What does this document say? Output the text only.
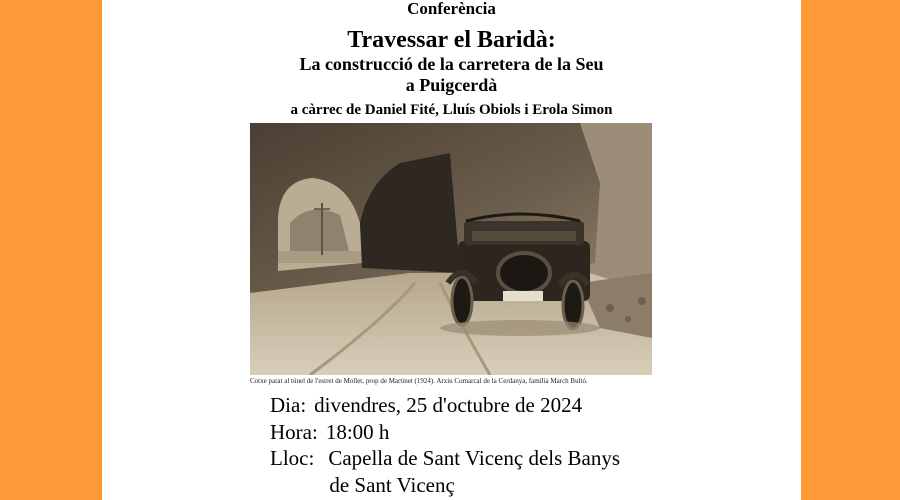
Conferència
Travessar el Baridà:
La construcció de la carretera de la Seu
a Puigcerdà
a càrrec de Daniel Fité, Lluís Obiols i Erola Simon
Cotxe parat al túnel de l'estret de Mollet, prop de Martinet (1924). Arxiu Comarcal de la Cerdanya, família March Bultó.
Dia: divendres, 25 d'octubre de 2024
Hora: 18:00 h
Lloc: Capella de Sant Vicenç dels Banys
de Sant Vicenç
